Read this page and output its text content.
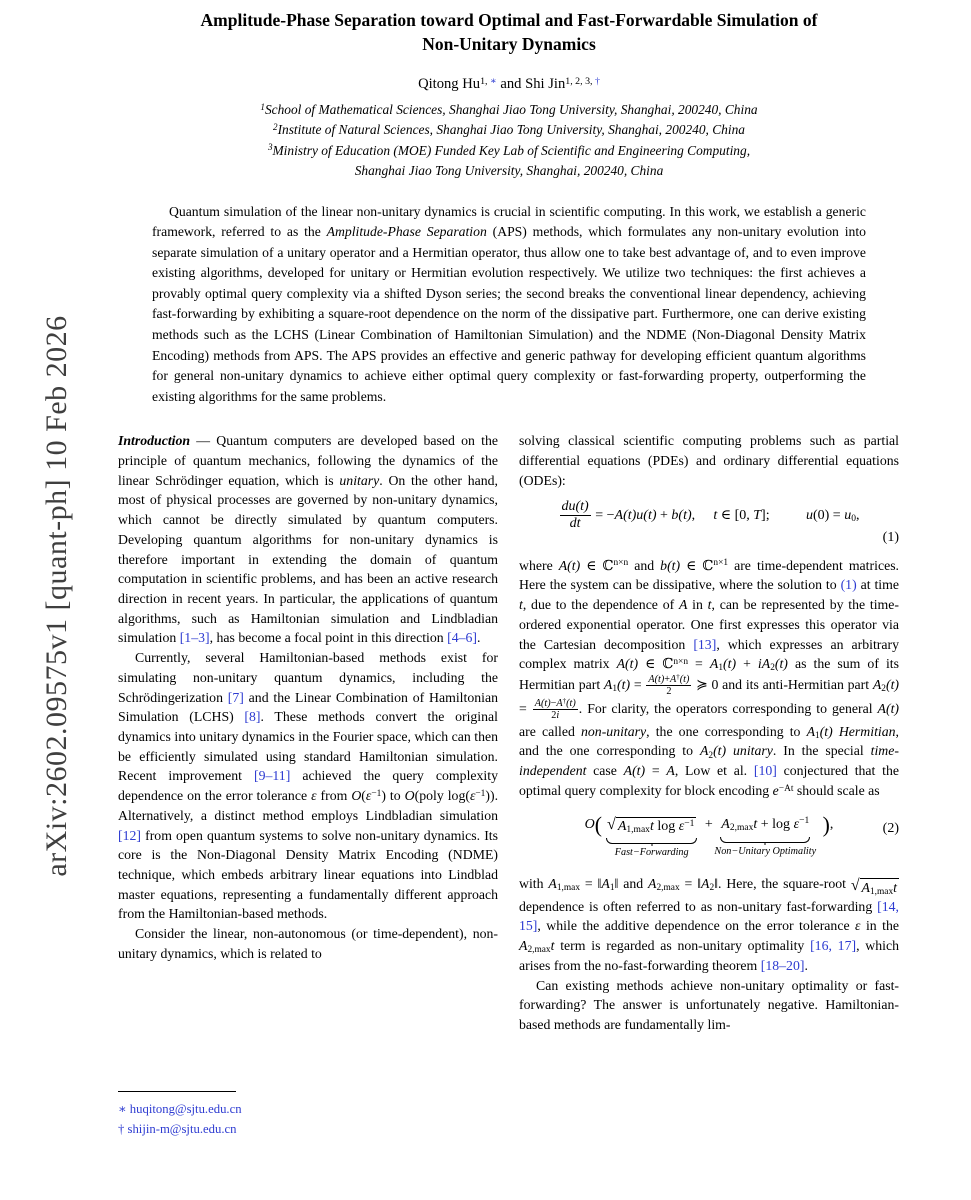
arXiv:2602.09575v1 [quant-ph] 10 Feb 2026
Amplitude-Phase Separation toward Optimal and Fast-Forwardable Simulation of
Non-Unitary Dynamics
Qitong $Hu^{1,}$ ∗ and Shi Jin$^{1, 2, 3,}$ †

$^1$School of Mathematical Sciences, Shanghai Jiao Tong University, Shanghai, 200240, China

$^2$Institute of Natural Sciences, Shanghai Jiao Tong University, Shanghai, 200240, China

$^3$Ministry of Education (MOE) Funded Key Lab of Scientific and Engineering Computing,

Shanghai Jiao Tong University, Shanghai, 200240, China

Quantum simulation of the linear non-unitary dynamics is crucial in scientific computing. In this work, we establish a generic framework, referred to as the Amplitude-Phase Separation (APS) methods, which formulates any non-unitary evolution into separate simulation of a unitary operator and a Hermitian operator, thus allow one to take best advantage of, and to even improve existing algorithms, developed for unitary or Hermitian evolution respectively. We utilize two techniques: the first achieves a provably optimal query complexity via a shifted Dyson series; the second breaks the conventional linear dependency, achieving fast-forwarding by exhibiting a square-root dependence on the norm of the dissipative part. Furthermore, one can derive existing methods such as the LCHS (Linear Combination of Hamiltonian Simulation) and the NDME (Non-Diagonal Density Matrix Encoding) methods from APS. The APS provides an effective and generic pathway for developing efficient quantum algorithms for general non-unitary dynamics to achieve either optimal query complexity or fast-forwarding property, outperforming the existing algorithms for the same problems.

Introduction — Quantum computers are developed based on the principle of quantum mechanics, following the dynamics of the linear Schrödinger equation, which is unitary. On the other hand, most of physical processes are governed by non-unitary dynamics, which cannot be directly simulated by quantum computers. Developing quantum algorithms for non-unitary dynamics is therefore important in extending the domain of quantum computation in scientific problems, and has been an active research direction in recent years. In particular, the applications of quantum algorithms, such as Hamiltonian simulation and Lindbladian simulation [1–3], has become a focal point in this direction [4–6].

Currently, several Hamiltonian-based methods exist for simulating non-unitary quantum dynamics, including the Schrödingerization [7] and the Linear Combination of Hamiltonian Simulation (LCHS) [8]. These methods convert the original dynamics into unitary dynamics in the Fourier space, which can then be efficiently simulated using standard Hamiltonian simulation. Recent improvement [9–11] achieved the query complexity dependence on the error tolerance ε from $O(\varepsilon^{-1})$ to O(poly $\log(\varepsilon^{-1})$). Alternatively, a distinct method employs Lindbladian simulation [12] from open quantum systems to solve non-unitary dynamics. Its core is the Non-Diagonal Density Matrix Encoding (NDME) technique, which embeds arbitrary linear equations into Lindblad master equations, representing a fundamentally different approach from the Hamiltonian-based methods.

Consider the linear, non-autonomous (or time-dependent), non-unitary dynamics, which is related to

∗ huqitong@sjtu.edu.cn

† shijin-m@sjtu.edu.cn

solving classical scientific computing problems such as partial differential equations (PDEs) and ordinary differential equations (ODEs):

$\frac{du(t)}{dt} = -A(t)u(t) + b(t)$, t ∈ [0, T];	u(0) = u0,
(1)

where A(t) ∈ ℂ$^{n\times n}$ and b(t) ∈ ℂ$^{n\times 1}$ are time-dependent matrices. Here the system can be dissipative, where the solution to (1) at time t, due to the dependence of A in t, can be represented by the time-ordered exponential operator. One first expresses this operator via the Cartesian decomposition [13], which expresses an arbitrary complex matrix A(t) ∈ ℂ$^{n\times n}$ = A1(t) + iA2(t) as the sum of its Hermitian part $A1(t) = \frac{A(t)+A^\dagger(t)}{2}$ ≽ 0 and its anti-Hermitian part $A2(t) = \frac{A(t)-A^\dagger(t)}{2i}$ . For clarity, the operators corresponding to general A(t) are called non-unitary, the one corresponding to A1(t) Hermitian, and the one corresponding to A2(t) unitary. In the special time-independent case A(t) = A, Low et al. [10] conjectured that the optimal query complexity for block encoding $e^{-At}$ should scale as

O( √ A1,maxt $\log \varepsilon^{-1}$
Fast−Forwarding
+ $A2,\max t + \log \varepsilon^{-1}$
Non−Unitary Optimality
),	(2)

with A1,max = ‖A1‖ and A2,max = ‖A2‖. Here, the square-root √ A1,maxt
dependence is often referred to as non-unitary fast-forwarding [14, 15], while the additive dependence on the error tolerance ε in the A2,maxt term is regarded as non-unitary optimality [16, 17], which arises from the no-fast-forwarding theorem [18–20].

Can existing methods achieve non-unitary optimality or fast-forwarding? The answer is unfortunately negative. Hamiltonian-based methods are fundamentally lim-
